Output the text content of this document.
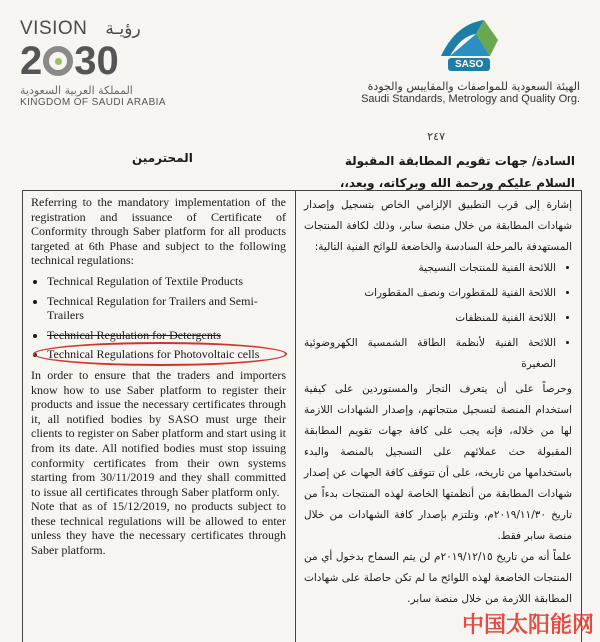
VISION رؤيـة
2 30
المملكة العربية السعودية
KINGDOM OF SAUDI ARABIA
SASO
الهيئة السعودية للمواصفات والمقاييس والجودة
Saudi Standards, Metrology and Quality Org.
٢٤٧
السادة/ جهات تقويم المطابقة المقبولة
السلام عليكم ورحمة الله وبركاته، وبعد،،
المحترمين

Referring to the mandatory implementation of the registration and issuance of Certificate of Conformity through Saber platform for all products targeted at 6th Phase and subject to the following technical regulations:

• Technical Regulation of Textile Products
• Technical Regulation for Trailers and Semi-Trailers
• Technical Regulation for Detergents
• Technical Regulations for Photovoltaic cells

In order to ensure that the traders and importers know how to use Saber platform to register their products and issue the necessary certificates through it, all notified bodies by SASO must urge their clients to register on Saber platform and start using it from its date. All notified bodies must stop issuing conformity certificates from their own systems starting from 30/11/2019 and they shall committed to issue all certificates through Saber platform only.

Note that as of 15/12/2019, no products subject to these technical regulations will be allowed to enter unless they have the necessary certificates through Saber platform.

إشارة إلى قرب التطبيق الإلزامي الخاص بتسجيل وإصدار شهادات المطابقة من خلال منصة سابر، وذلك لكافة المنتجات المستهدفة بالمرحلة السادسة والخاضعة للوائح الفنية التالية:

• اللائحة الفنية للمنتجات النسيجية
• اللائحة الفنية للمقطورات ونصف المقطورات
• اللائحة الفنية للمنظفات
• اللائحة الفنية لأنظمة الطاقة الشمسية الكهروضوئية الصغيرة

وحرصاً على أن يتعرف التجار والمستوردين على كيفية استخدام المنصة لتسجيل منتجاتهم، وإصدار الشهادات اللازمة لها من خلاله، فإنه يجب على كافة جهات تقويم المطابقة المقبولة حث عملائهم على التسجيل بالمنصة والبدء باستخدامها من تاريخه، على أن تتوقف كافة الجهات عن إصدار شهادات المطابقة من أنظمتها الخاصة لهذه المنتجات بدءاً من تاريخ ٢٠١٩/١١/٣٠م، وتلتزم بإصدار كافة الشهادات من خلال منصة سابر فقط.

علماً أنه من تاريخ ٢٠١٩/١٢/١٥م لن يتم السماح بدخول أي من المنتجات الخاضعة لهذه اللوائح ما لم تكن حاصلة على شهادات المطابقة اللازمة من خلال منصة سابر.

中国太阳能网
